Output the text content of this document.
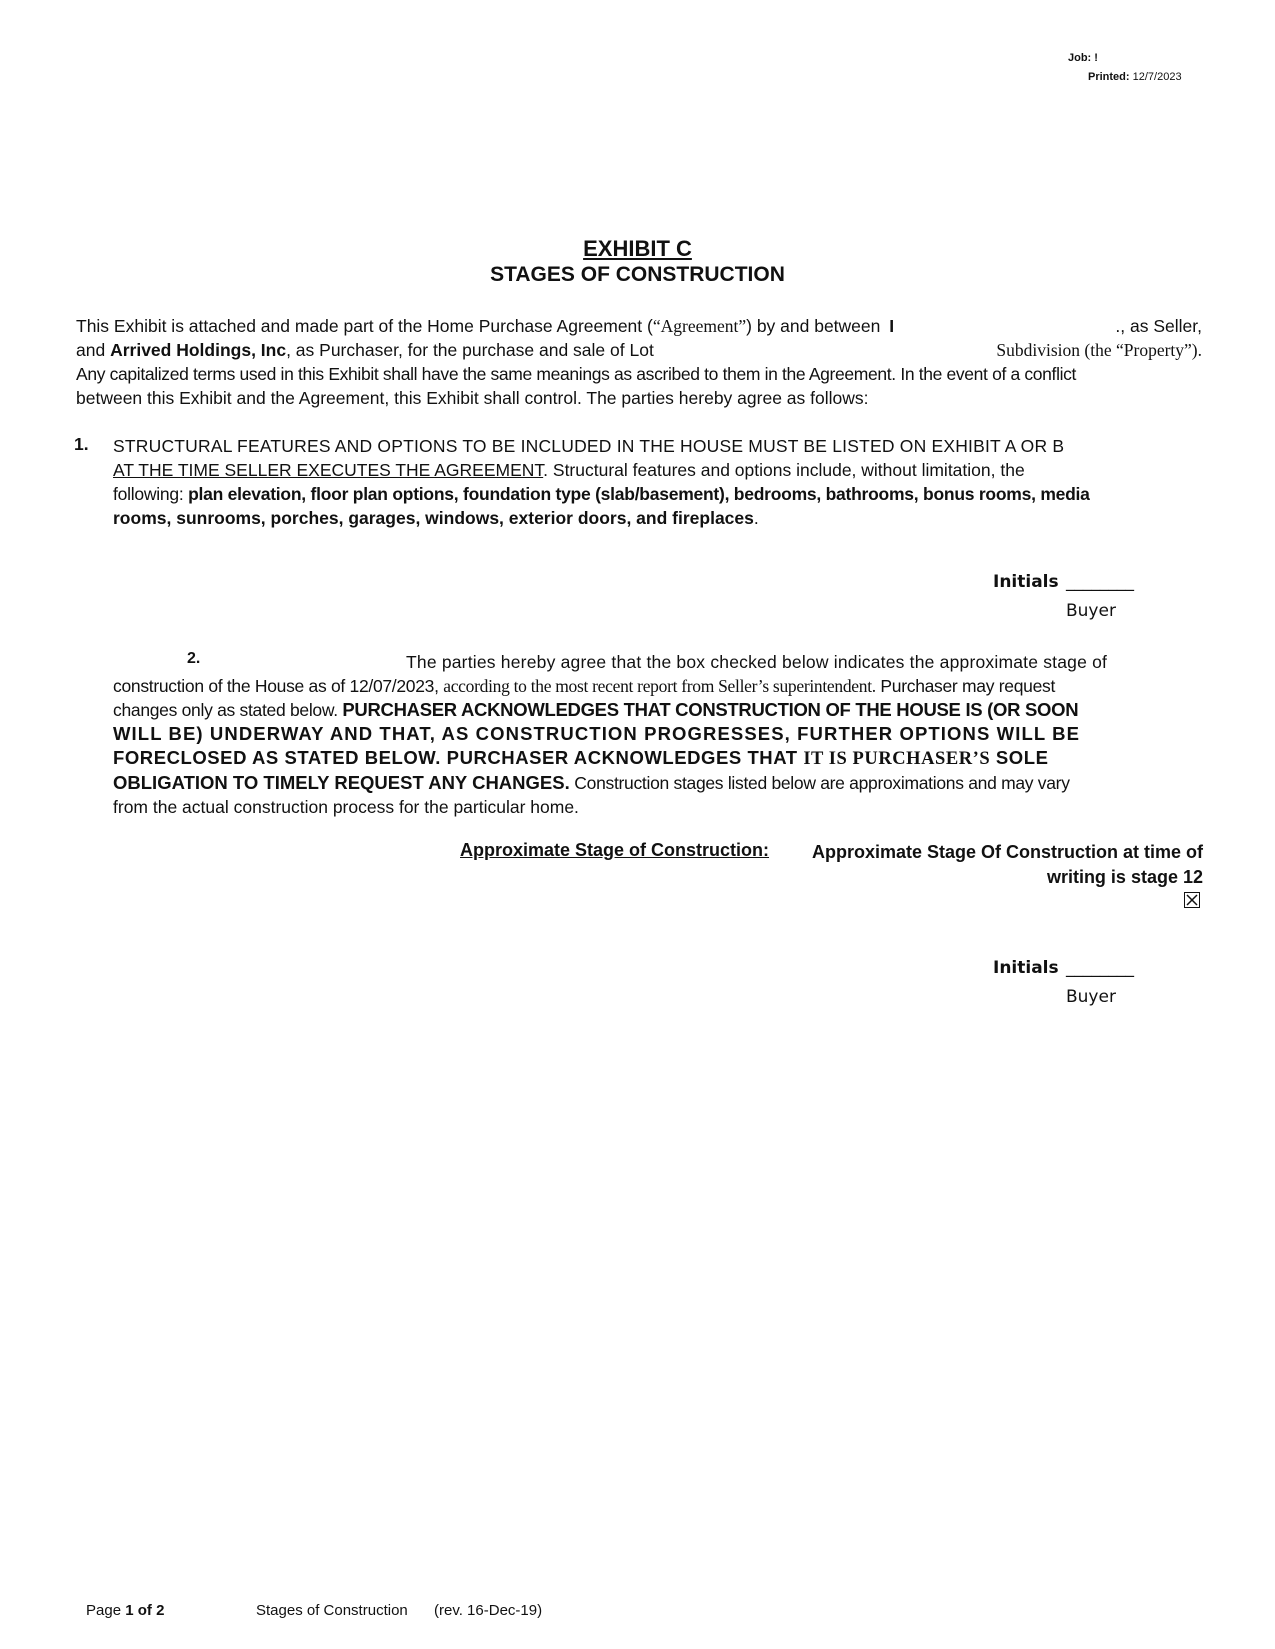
Job: !
Printed: 12/7/2023
EXHIBIT C
STAGES OF CONSTRUCTION
This Exhibit is attached and made part of the Home Purchase Agreement (“Agreement”) by and between I	., as Seller,
and Arrived Holdings, Inc, as Purchaser, for the purchase and sale of Lot	Subdivision (the “Property”).
Any capitalized terms used in this Exhibit shall have the same meanings as ascribed to them in the Agreement. In the event of a conflict
between this Exhibit and the Agreement, this Exhibit shall control. The parties hereby agree as follows:
1. STRUCTURAL FEATURES AND OPTIONS TO BE INCLUDED IN THE HOUSE MUST BE LISTED ON EXHIBIT A OR B
AT THE TIME SELLER EXECUTES THE AGREEMENT. Structural features and options include, without limitation, the
following: plan elevation, floor plan options, foundation type (slab/basement), bedrooms, bathrooms, bonus rooms, media
rooms, sunrooms, porches, garages, windows, exterior doors, and fireplaces.
Initials ________
Buyer
2.	The parties hereby agree that the box checked below indicates the approximate stage of
construction of the House as of 12/07/2023, according to the most recent report from Seller’s superintendent. Purchaser may request
changes only as stated below. PURCHASER ACKNOWLEDGES THAT CONSTRUCTION OF THE HOUSE IS (OR SOON
WILL BE) UNDERWAY AND THAT, AS CONSTRUCTION PROGRESSES, FURTHER OPTIONS WILL BE
FORECLOSED AS STATED BELOW. PURCHASER ACKNOWLEDGES THAT IT IS PURCHASER’S SOLE
OBLIGATION TO TIMELY REQUEST ANY CHANGES. Construction stages listed below are approximations and may vary
from the actual construction process for the particular home.
Approximate Stage of Construction:	Approximate Stage Of Construction at time of
writing is stage 12
Initials ________
Buyer
Page 1 of 2	Stages of Construction (rev. 16-Dec-19)
